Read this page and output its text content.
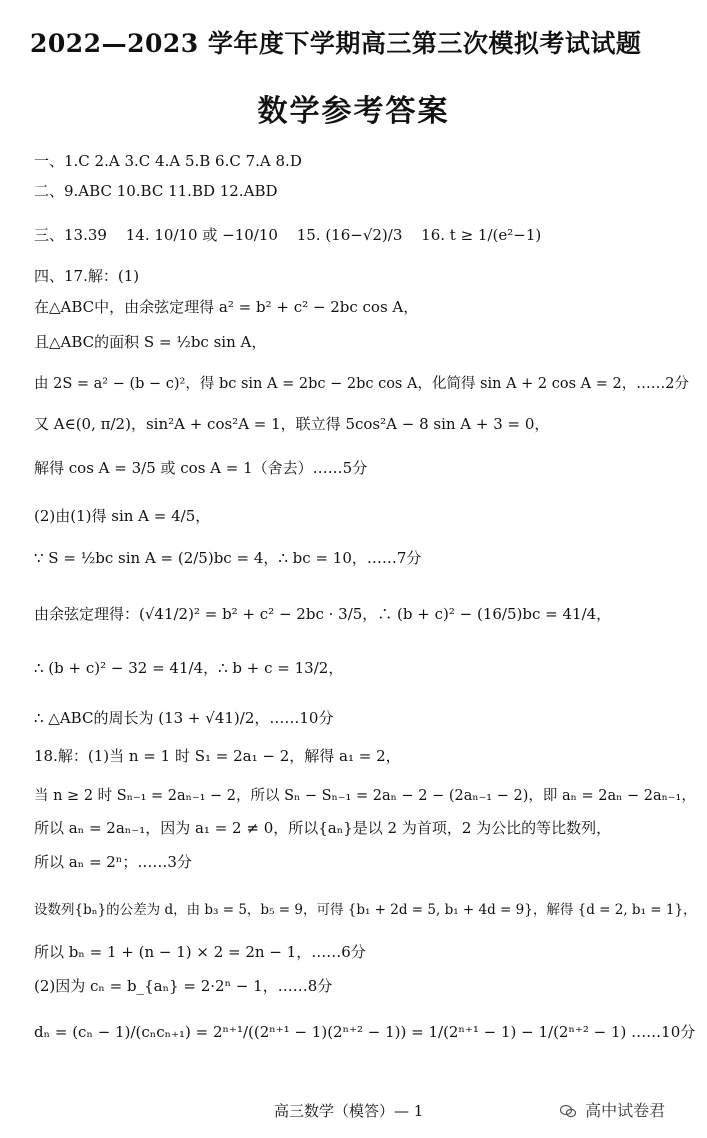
2022—2023 学年度下学期高三第三次模拟考试试题
数学参考答案
一、1.C 2.A 3.C 4.A 5.B 6.C 7.A 8.D
二、9.ABC 10.BC 11.BD 12.ABD
三、13.39 14. 10/10 或 −10/10 15. (16−√2)/3 16. t ≥ 1/(e²−1)
四、17.解：(1)
在△ABC中，由余弦定理得 a² = b² + c² − 2bc cos A，
且△ABC的面积 S = ½bc sin A，
由 2S = a² − (b − c)²，得 bc sin A = 2bc − 2bc cos A，化简得 sin A + 2 cos A = 2，……2分
又 A∈(0, π/2)，sin²A + cos²A = 1，联立得 5cos²A − 8 sin A + 3 = 0，
解得 cos A = 3/5 或 cos A = 1（舍去）……5分
(2)由(1)得 sin A = 4/5，
∵ S = ½bc sin A = (2/5)bc = 4，∴ bc = 10，……7分
由余弦定理得：(√41/2)² = b² + c² − 2bc · 3/5，∴ (b + c)² − (16/5)bc = 41/4，
∴ (b + c)² − 32 = 41/4，∴ b + c = 13/2，
∴ △ABC的周长为 (13 + √41)/2，……10分
18.解：(1)当 n = 1 时 S₁ = 2a₁ − 2，解得 a₁ = 2，
当 n ≥ 2 时 Sₙ₋₁ = 2aₙ₋₁ − 2，所以 Sₙ − Sₙ₋₁ = 2aₙ − 2 − (2aₙ₋₁ − 2)，即 aₙ = 2aₙ − 2aₙ₋₁，
所以 aₙ = 2aₙ₋₁，因为 a₁ = 2 ≠ 0，所以{aₙ}是以 2 为首项，2 为公比的等比数列，
所以 aₙ = 2ⁿ；……3分
设数列{bₙ}的公差为 d，由 b₃ = 5，b₅ = 9，可得 {b₁ + 2d = 5, b₁ + 4d = 9}，解得 {d = 2, b₁ = 1}，
所以 bₙ = 1 + (n − 1) × 2 = 2n − 1，……6分
(2)因为 cₙ = b_{aₙ} = 2·2ⁿ − 1，……8分
dₙ = (cₙ − 1)/(cₙcₙ₊₁) = 2ⁿ⁺¹/((2ⁿ⁺¹ − 1)(2ⁿ⁺² − 1)) = 1/(2ⁿ⁺¹ − 1) − 1/(2ⁿ⁺² − 1) ……10分
高三数学（模答）— 1	高中试卷君
